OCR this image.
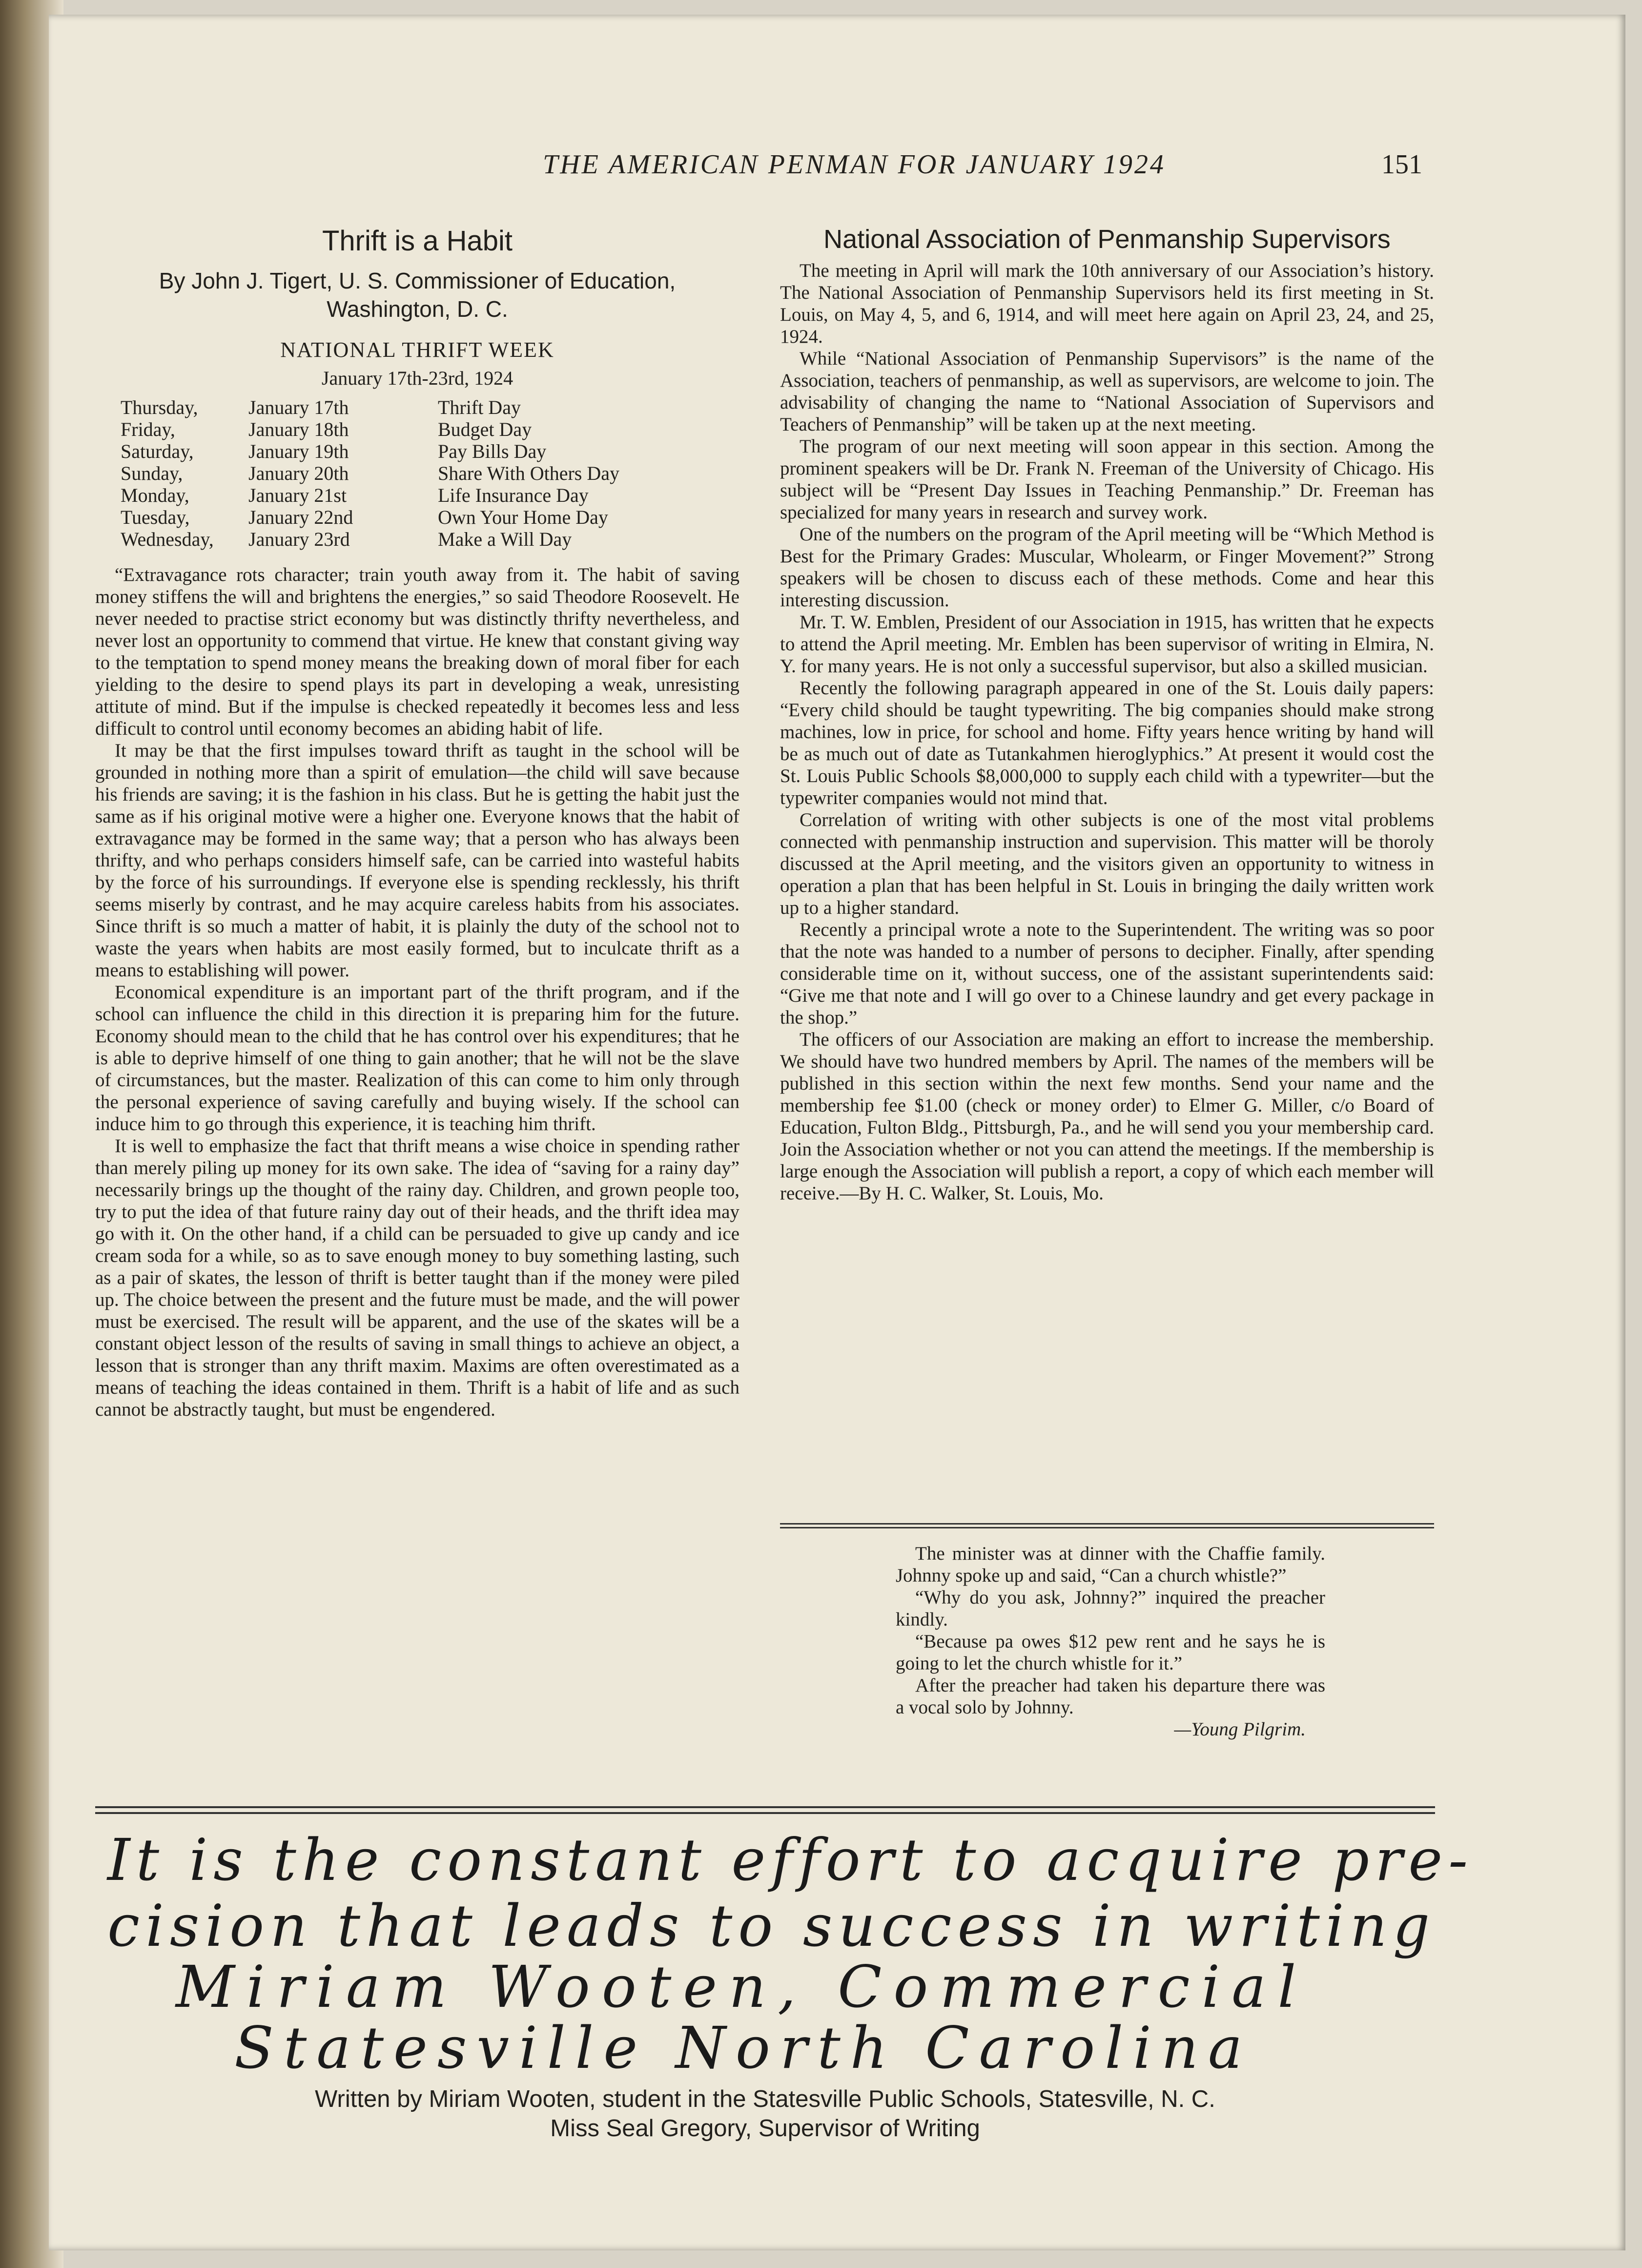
THE AMERICAN PENMAN FOR JANUARY 1924	151
Thrift is a Habit
By John J. Tigert, U. S. Commissioner of Education,
Washington, D. C.
NATIONAL THRIFT WEEK
January 17th-23rd, 1924
Thursday,	January 17th	Thrift Day
Friday,	January 18th	Budget Day
Saturday,	January 19th	Pay Bills Day
Sunday,	January 20th	Share With Others Day
Monday,	January 21st	Life Insurance Day
Tuesday,	January 22nd	Own Your Home Day
Wednesday,	January 23rd	Make a Will Day

“Extravagance rots character; train youth away from it. The habit of saving money stiffens the will and brightens the energies,” so said Theodore Roosevelt. He never needed to practise strict economy but was distinctly thrifty nevertheless, and never lost an opportunity to commend that virtue. He knew that constant giving way to the temptation to spend money means the breaking down of moral fiber for each yielding to the desire to spend plays its part in developing a weak, unresisting attitute of mind. But if the impulse is checked repeatedly it becomes less and less difficult to control until economy becomes an abiding habit of life.

It may be that the first impulses toward thrift as taught in the school will be grounded in nothing more than a spirit of emulation—the child will save because his friends are saving; it is the fashion in his class. But he is getting the habit just the same as if his original motive were a higher one. Everyone knows that the habit of extravagance may be formed in the same way; that a person who has always been thrifty, and who perhaps considers himself safe, can be carried into wasteful habits by the force of his surroundings. If everyone else is spending recklessly, his thrift seems miserly by contrast, and he may acquire careless habits from his associates. Since thrift is so much a matter of habit, it is plainly the duty of the school not to waste the years when habits are most easily formed, but to inculcate thrift as a means to establishing will power.

Economical expenditure is an important part of the thrift program, and if the school can influence the child in this direction it is preparing him for the future. Economy should mean to the child that he has control over his expenditures; that he is able to deprive himself of one thing to gain another; that he will not be the slave of circumstances, but the master. Realization of this can come to him only through the personal experience of saving carefully and buying wisely. If the school can induce him to go through this experience, it is teaching him thrift.

It is well to emphasize the fact that thrift means a wise choice in spending rather than merely piling up money for its own sake. The idea of “saving for a rainy day” necessarily brings up the thought of the rainy day. Children, and grown people too, try to put the idea of that future rainy day out of their heads, and the thrift idea may go with it. On the other hand, if a child can be persuaded to give up candy and ice cream soda for a while, so as to save enough money to buy something lasting, such as a pair of skates, the lesson of thrift is better taught than if the money were piled up. The choice between the present and the future must be made, and the will power must be exercised. The result will be apparent, and the use of the skates will be a constant object lesson of the results of saving in small things to achieve an object, a lesson that is stronger than any thrift maxim. Maxims are often overestimated as a means of teaching the ideas contained in them. Thrift is a habit of life and as such cannot be abstractly taught, but must be engendered.

National Association of Penmanship Supervisors

The meeting in April will mark the 10th anniversary of our Association’s history. The National Association of Penmanship Supervisors held its first meeting in St. Louis, on May 4, 5, and 6, 1914, and will meet here again on April 23, 24, and 25, 1924.

While “National Association of Penmanship Supervisors” is the name of the Association, teachers of penmanship, as well as supervisors, are welcome to join. The advisability of changing the name to “National Association of Supervisors and Teachers of Penmanship” will be taken up at the next meeting.

The program of our next meeting will soon appear in this section. Among the prominent speakers will be Dr. Frank N. Freeman of the University of Chicago. His subject will be “Present Day Issues in Teaching Penmanship.” Dr. Freeman has specialized for many years in research and survey work.

One of the numbers on the program of the April meeting will be “Which Method is Best for the Primary Grades: Muscular, Wholearm, or Finger Movement?” Strong speakers will be chosen to discuss each of these methods. Come and hear this interesting discussion.

Mr. T. W. Emblen, President of our Association in 1915, has written that he expects to attend the April meeting. Mr. Emblen has been supervisor of writing in Elmira, N. Y. for many years. He is not only a successful supervisor, but also a skilled musician.

Recently the following paragraph appeared in one of the St. Louis daily papers: “Every child should be taught typewriting. The big companies should make strong machines, low in price, for school and home. Fifty years hence writing by hand will be as much out of date as Tutankahmen hieroglyphics.” At present it would cost the St. Louis Public Schools $8,000,000 to supply each child with a typewriter—but the typewriter companies would not mind that.

Correlation of writing with other subjects is one of the most vital problems connected with penmanship instruction and supervision. This matter will be thoroly discussed at the April meeting, and the visitors given an opportunity to witness in operation a plan that has been helpful in St. Louis in bringing the daily written work up to a higher standard.

Recently a principal wrote a note to the Superintendent. The writing was so poor that the note was handed to a number of persons to decipher. Finally, after spending considerable time on it, without success, one of the assistant superintendents said: “Give me that note and I will go over to a Chinese laundry and get every package in the shop.”

The officers of our Association are making an effort to increase the membership. We should have two hundred members by April. The names of the members will be published in this section within the next few months. Send your name and the membership fee $1.00 (check or money order) to Elmer G. Miller, c/o Board of Education, Fulton Bldg., Pittsburgh, Pa., and he will send you your membership card. Join the Association whether or not you can attend the meetings. If the membership is large enough the Association will publish a report, a copy of which each member will receive.—By H. C. Walker, St. Louis, Mo.

The minister was at dinner with the Chaffie family. Johnny spoke up and said, “Can a church whistle?”

“Why do you ask, Johnny?” inquired the preacher kindly.

“Because pa owes $12 pew rent and he says he is going to let the church whistle for it.”

After the preacher had taken his departure there was a vocal solo by Johnny.

—Young Pilgrim.
It is the constant effort to acquire pre-
cision that leads to success in writing
Miriam Wooten, Commercial
Statesville North Carolina
Written by Miriam Wooten, student in the Statesville Public Schools, Statesville, N. C.
Miss Seal Gregory, Supervisor of Writing
